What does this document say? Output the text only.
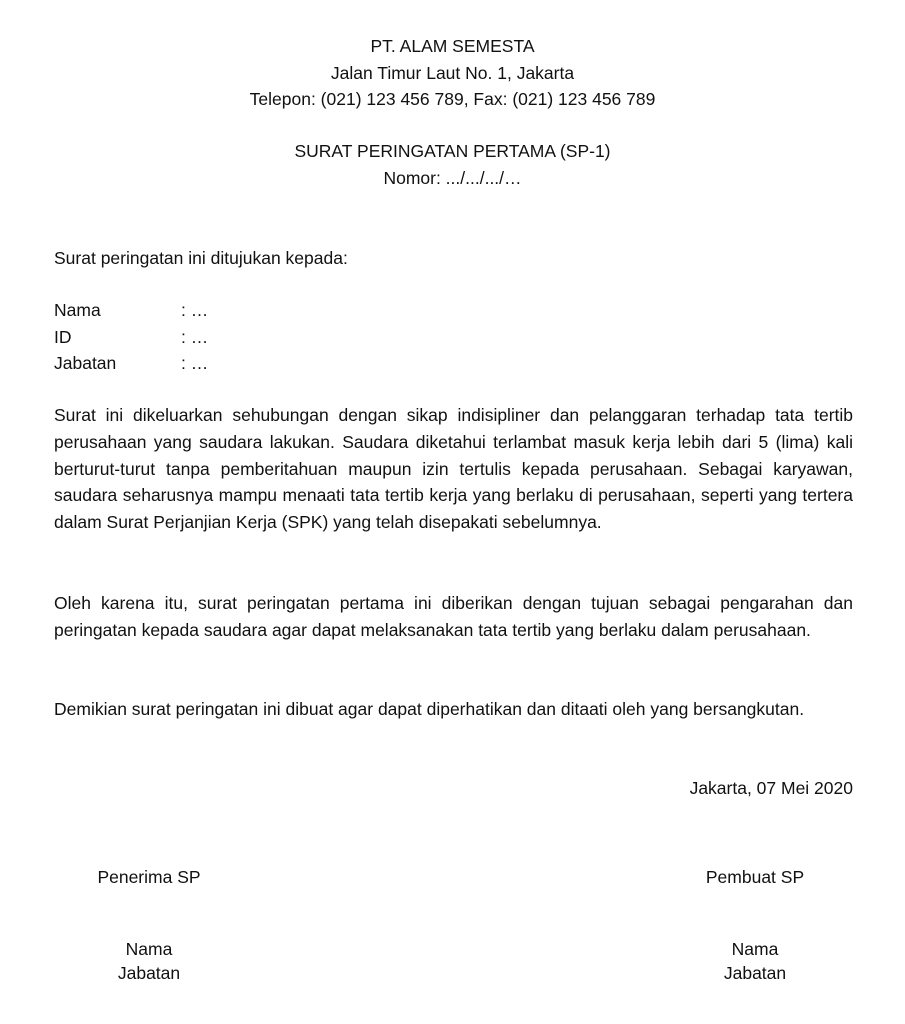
PT. ALAM SEMESTA
Jalan Timur Laut No. 1, Jakarta
Telepon: (021) 123 456 789, Fax: (021) 123 456 789
SURAT PERINGATAN PERTAMA (SP-1)
Nomor: .../.../.../…
Surat peringatan ini ditujukan kepada:
Nama	: …
ID	: …
Jabatan	: …
Surat ini dikeluarkan sehubungan dengan sikap indisipliner dan pelanggaran terhadap tata tertib perusahaan yang saudara lakukan. Saudara diketahui terlambat masuk kerja lebih dari 5 (lima) kali berturut-turut tanpa pemberitahuan maupun izin tertulis kepada perusahaan. Sebagai karyawan, saudara seharusnya mampu menaati tata tertib kerja yang berlaku di perusahaan, seperti yang tertera dalam Surat Perjanjian Kerja (SPK) yang telah disepakati sebelumnya.
Oleh karena itu, surat peringatan pertama ini diberikan dengan tujuan sebagai pengarahan dan peringatan kepada saudara agar dapat melaksanakan tata tertib yang berlaku dalam perusahaan.
Demikian surat peringatan ini dibuat agar dapat diperhatikan dan ditaati oleh yang bersangkutan.
Jakarta, 07 Mei 2020
Penerima SP
Nama
Jabatan
Pembuat SP
Nama
Jabatan
